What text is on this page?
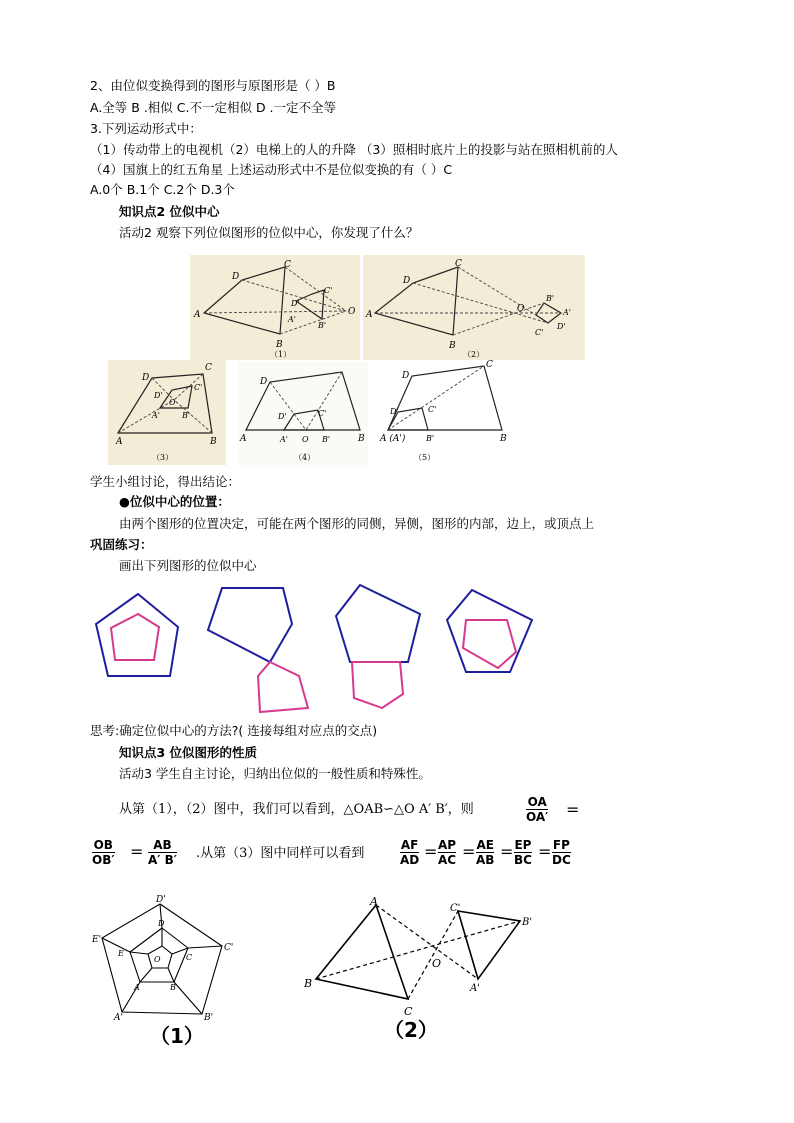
2、由位似变换得到的图形与原图形是（ ）B
A.全等 B .相似 C.不一定相似 D .一定不全等
3.下列运动形式中：
（1）传动带上的电视机（2）电梯上的人的升降 （3）照相时底片上的投影与站在照相机前的人
（4）国旗上的红五角星 上述运动形式中不是位似变换的有（ ）C
A.0个 B.1个 C.2个 D.3个
知识点2 位似中心
活动2 观察下列位似图形的位似中心，你发现了什么？
A
D
C
B
D'
C'
A'
B'
O
（1）
A
D
C
B
O
B'
A'
D'
C'
（2）
A
D
C
B
D'
C'
O
A'	B'
（3）
A
D
D'	C'
A' O B'	B
（4）
A (A')
D
C
D'	C'
B'	B
（5）
学生小组讨论，得出结论：
●位似中心的位置：
由两个图形的位置决定，可能在两个图形的同侧，异侧，图形的内部，边上，或顶点上
巩固练习：
画出下列图形的位似中心
思考:确定位似中心的方法?( 连接每组对应点的交点)
知识点3 位似图形的性质
活动3 学生自主讨论，归纳出位似的一般性质和特殊性。
从第（1），（2）图中，我们可以看到，△OAB∽△O A′ B′，则	OA
OA′ =
OB
OB′ = AB
A′ B′ .从第（3）图中同样可以看到
AF
AD = AP
AC = AE
AB = EP
BC = FP
DC
D'
E'
C'
A'	B'
D
E	C
A	B
O
（1）
A
B
C
O
C'
B'
A'
（2）
